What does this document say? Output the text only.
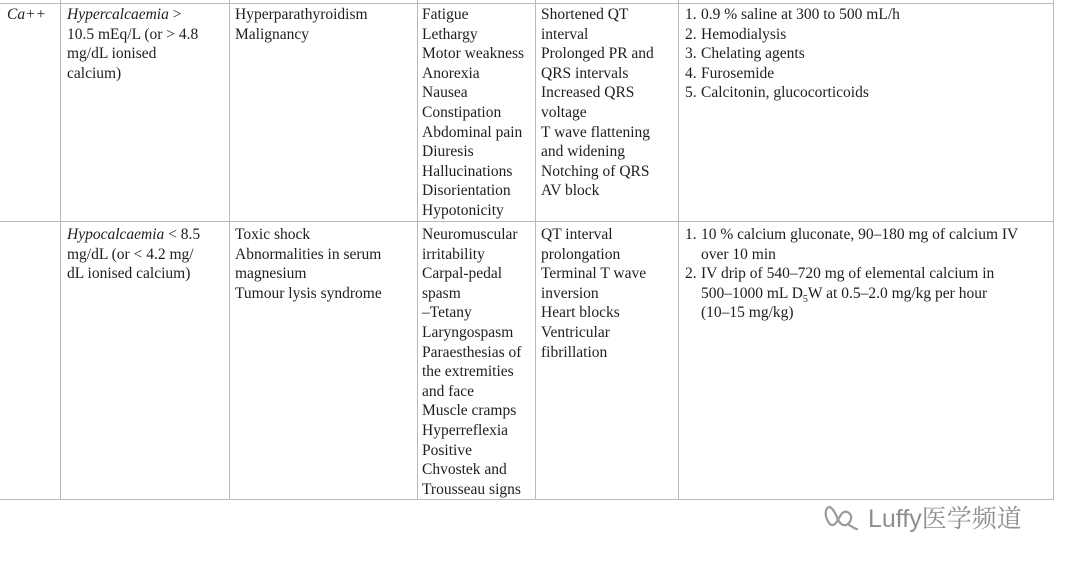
Ca++ Hypercalcaemia >
10.5 mEq/L (or > 4.8
mg/dL ionised
calcium)
Hyperparathyroidism
Malignancy
Fatigue
Lethargy
Motor weakness
Anorexia
Nausea
Constipation
Abdominal pain
Diuresis
Hallucinations
Disorientation
Hypotonicity
Shortened QT
interval
Prolonged PR and
QRS intervals
Increased QRS
voltage
T wave flattening
and widening
Notching of QRS
AV block
1. 0.9 % saline at 300 to 500 mL/h
2. Hemodialysis
3. Chelating agents
4. Furosemide
5. Calcitonin, glucocorticoids
Hypocalcaemia < 8.5
mg/dL (or < 4.2 mg/
dL ionised calcium)
Toxic shock
Abnormalities in serum
magnesium
Tumour lysis syndrome
Neuromuscular
irritability
Carpal-pedal
spasm
–Tetany
Laryngospasm
Paraesthesias of
the extremities
and face
Muscle cramps
Hyperreflexia
Positive
Chvostek and
Trousseau signs
QT interval
prolongation
Terminal T wave
inversion
Heart blocks
Ventricular
fibrillation
1. 10 % calcium gluconate, 90–180 mg of calcium IV
over 10 min
2. IV drip of 540–720 mg of elemental calcium in
500–1000 mL $D_5W$ at 0.5–2.0 mg/kg per hour
(10–15 mg/kg)
Luffy医学频道
